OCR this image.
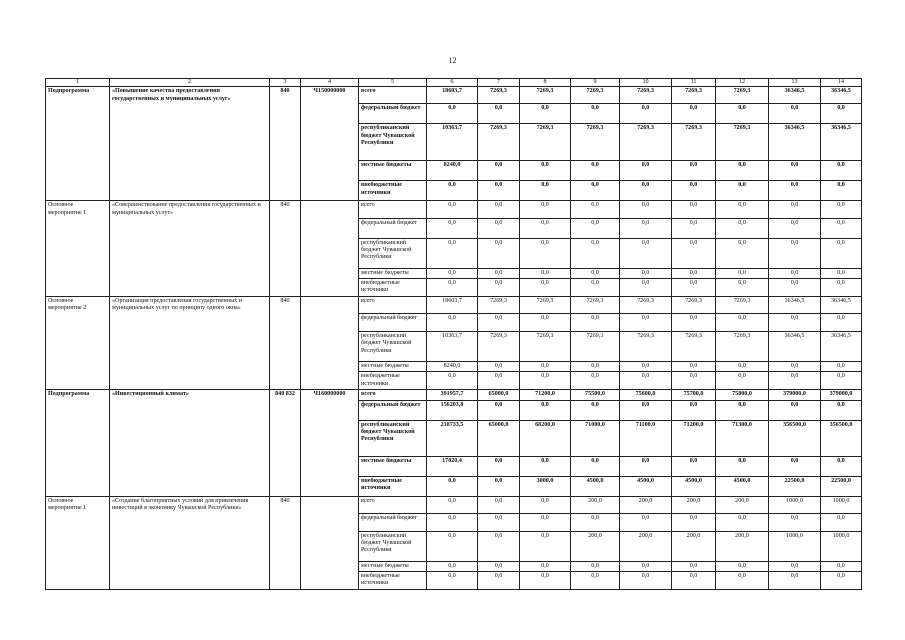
12
1	2	3	4	5	6	7	8	9	10	11	12	13	14
Подпрограмма	«Повышение качества предоставления государственных и муниципальных услуг»	840	Ч150000000	всего	18603,7	7269,3	7269,3	7269,3	7269,3	7269,3	7269,3	36346,5	36346,5
				федеральный бюджет	0,0	0,0	0,0	0,0	0,0	0,0	0,0	0,0	0,0
				республиканский бюджет Чувашской Республики	10363,7	7269,3	7269,3	7269,3	7269,3	7269,3	7269,3	36346,5	36346,5
				местные бюджеты	8240,0	0,0	0,0	0,0	0,0	0,0	0,0	0,0	0,0
				внебюджетные источники	0,0	0,0	0,0	0,0	0,0	0,0	0,0	0,0	0,0
Основное мероприятие 1	«Совершенствование предоставления государственных и муниципальных услуг»	840		всего	0,0	0,0	0,0	0,0	0,0	0,0	0,0	0,0	0,0
				федеральный бюджет	0,0	0,0	0,0	0,0	0,0	0,0	0,0	0,0	0,0
				республиканский бюджет Чувашской Республики	0,0	0,0	0,0	0,0	0,0	0,0	0,0	0,0	0,0
				местные бюджеты	0,0	0,0	0,0	0,0	0,0	0,0	0,0	0,0	0,0
				внебюджетные источники	0,0	0,0	0,0	0,0	0,0	0,0	0,0	0,0	0,0
Основное мероприятие 2	«Организация предоставления государственных и муниципальных услуг по принципу одного окна»	840		всего	18603,7	7269,3	7269,3	7269,3	7269,3	7269,3	7269,3	36346,5	36346,5
				федеральный бюджет	0,0	0,0	0,0	0,0	0,0	0,0	0,0	0,0	0,0
				республиканский бюджет Чувашской Республики	10363,7	7269,3	7269,3	7269,3	7269,3	7269,3	7269,3	36346,5	36346,5
				местные бюджеты	8240,0	0,0	0,0	0,0	0,0	0,0	0,0	0,0	0,0
				внебюджетные источники	0,0	0,0	0,0	0,0	0,0	0,0	0,0	0,0	0,0
Подпрограмма	«Инвестиционный климат»	840 832	Ч160000000	всего	391957,7	65000,0	71200,0	75500,0	75600,0	75700,0	75800,0	379000,0	379000,0
				федеральный бюджет	156203,8	0,0	0,0	0,0	0,0	0,0	0,0	0,0	0,0
				республиканский бюджет Чувашской Республики	218733,5	65000,0	68200,0	71000,0	71100,0	71200,0	71300,0	356500,0	356500,0
				местные бюджеты	17020,4	0,0	0,0	0,0	0,0	0,0	0,0	0,0	0,0
				внебюджетные источники	0,0	0,0	3000,0	4500,0	4500,0	4500,0	4500,0	22500,0	22500,0
Основное мероприятие 1	«Создание благоприятных условий для привлечения инвестиций в экономику Чувашской Республики»	840		всего	0,0	0,0	0,0	200,0	200,0	200,0	200,0	1000,0	1000,0
				федеральный бюджет	0,0	0,0	0,0	0,0	0,0	0,0	0,0	0,0	0,0
				республиканский бюджет Чувашской Республики	0,0	0,0	0,0	200,0	200,0	200,0	200,0	1000,0	1000,0
				местные бюджеты	0,0	0,0	0,0	0,0	0,0	0,0	0,0	0,0	0,0
				внебюджетные источники	0,0	0,0	0,0	0,0	0,0	0,0	0,0	0,0	0,0
